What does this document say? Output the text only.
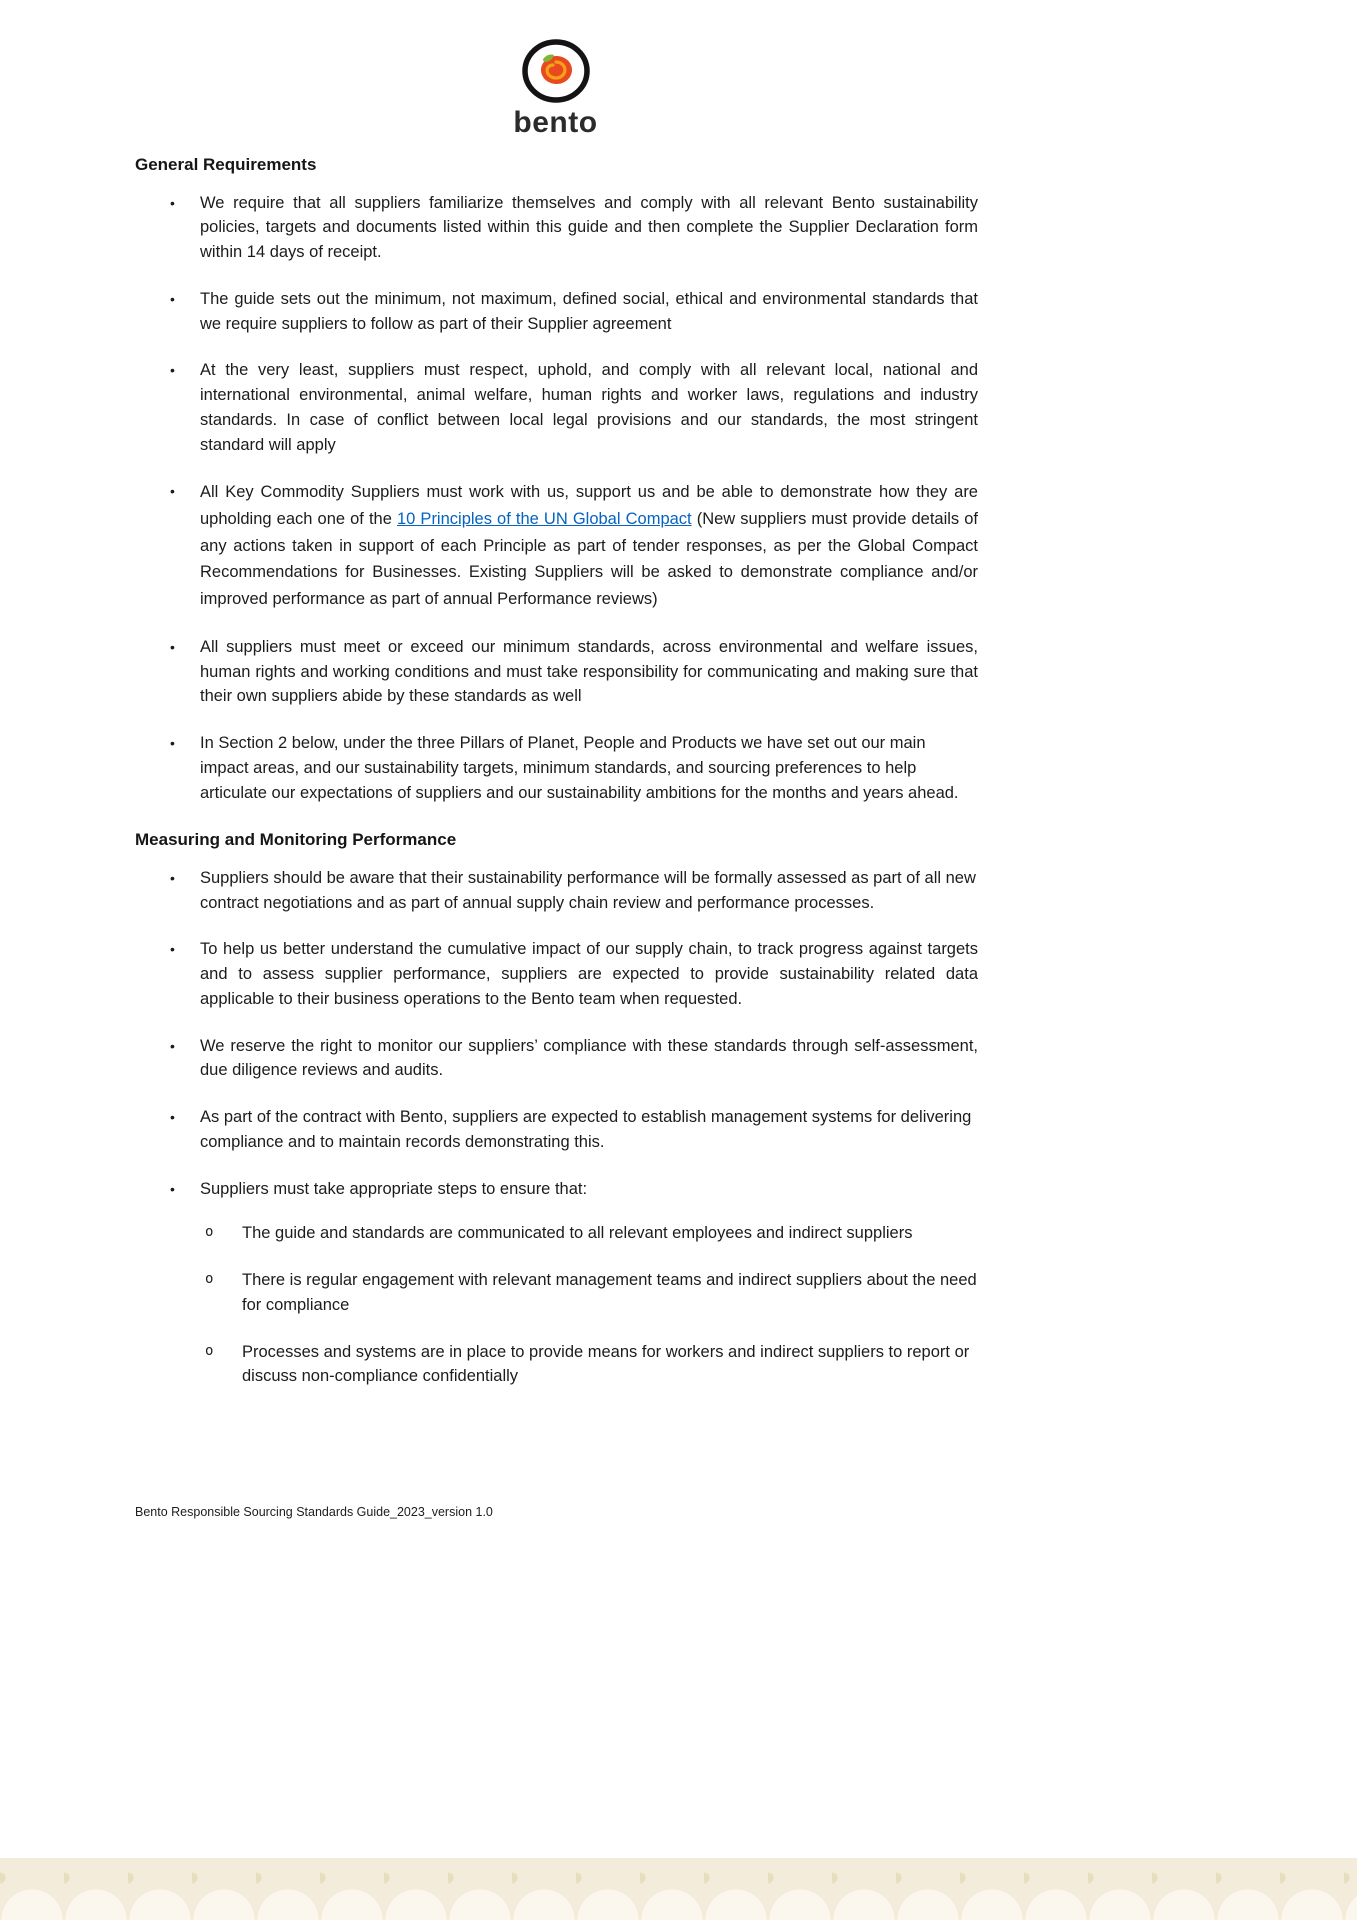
bento
General Requirements
•	We require that all suppliers familiarize themselves and comply with all relevant Bento sustainability policies, targets and documents listed within this guide and then complete the Supplier Declaration form within 14 days of receipt.

•	The guide sets out the minimum, not maximum, defined social, ethical and environmental standards that we require suppliers to follow as part of their Supplier agreement

•	At the very least, suppliers must respect, uphold, and comply with all relevant local, national and international environmental, animal welfare, human rights and worker laws, regulations and industry standards. In case of conflict between local legal provisions and our standards, the most stringent standard will apply

•	All Key Commodity Suppliers must work with us, support us and be able to demonstrate how they are upholding each one of the 10 Principles of the UN Global Compact (New suppliers must provide details of any actions taken in support of each Principle as part of tender responses, as per the Global Compact Recommendations for Businesses. Existing Suppliers will be asked to demonstrate compliance and/or improved performance as part of annual Performance reviews)

•	All suppliers must meet or exceed our minimum standards, across environmental and welfare issues, human rights and working conditions and must take responsibility for communicating and making sure that their own suppliers abide by these standards as well

•	In Section 2 below, under the three Pillars of Planet, People and Products we have set out our main impact areas, and our sustainability targets, minimum standards, and sourcing preferences to help articulate our expectations of suppliers and our sustainability ambitions for the months and years ahead.

Measuring and Monitoring Performance
•	Suppliers should be aware that their sustainability performance will be formally assessed as part of all new contract negotiations and as part of annual supply chain review and performance processes.

•	To help us better understand the cumulative impact of our supply chain, to track progress against targets and to assess supplier performance, suppliers are expected to provide sustainability related data applicable to their business operations to the Bento team when requested.

•	We reserve the right to monitor our suppliers’ compliance with these standards through self-assessment, due diligence reviews and audits.

•	As part of the contract with Bento, suppliers are expected to establish management systems for delivering compliance and to maintain records demonstrating this.

•	Suppliers must take appropriate steps to ensure that:

o	The guide and standards are communicated to all relevant employees and indirect suppliers

o	There is regular engagement with relevant management teams and indirect suppliers about the need for compliance

o	Processes and systems are in place to provide means for workers and indirect suppliers to report or discuss non-compliance confidentially

Bento Responsible Sourcing Standards Guide_2023_version 1.0
